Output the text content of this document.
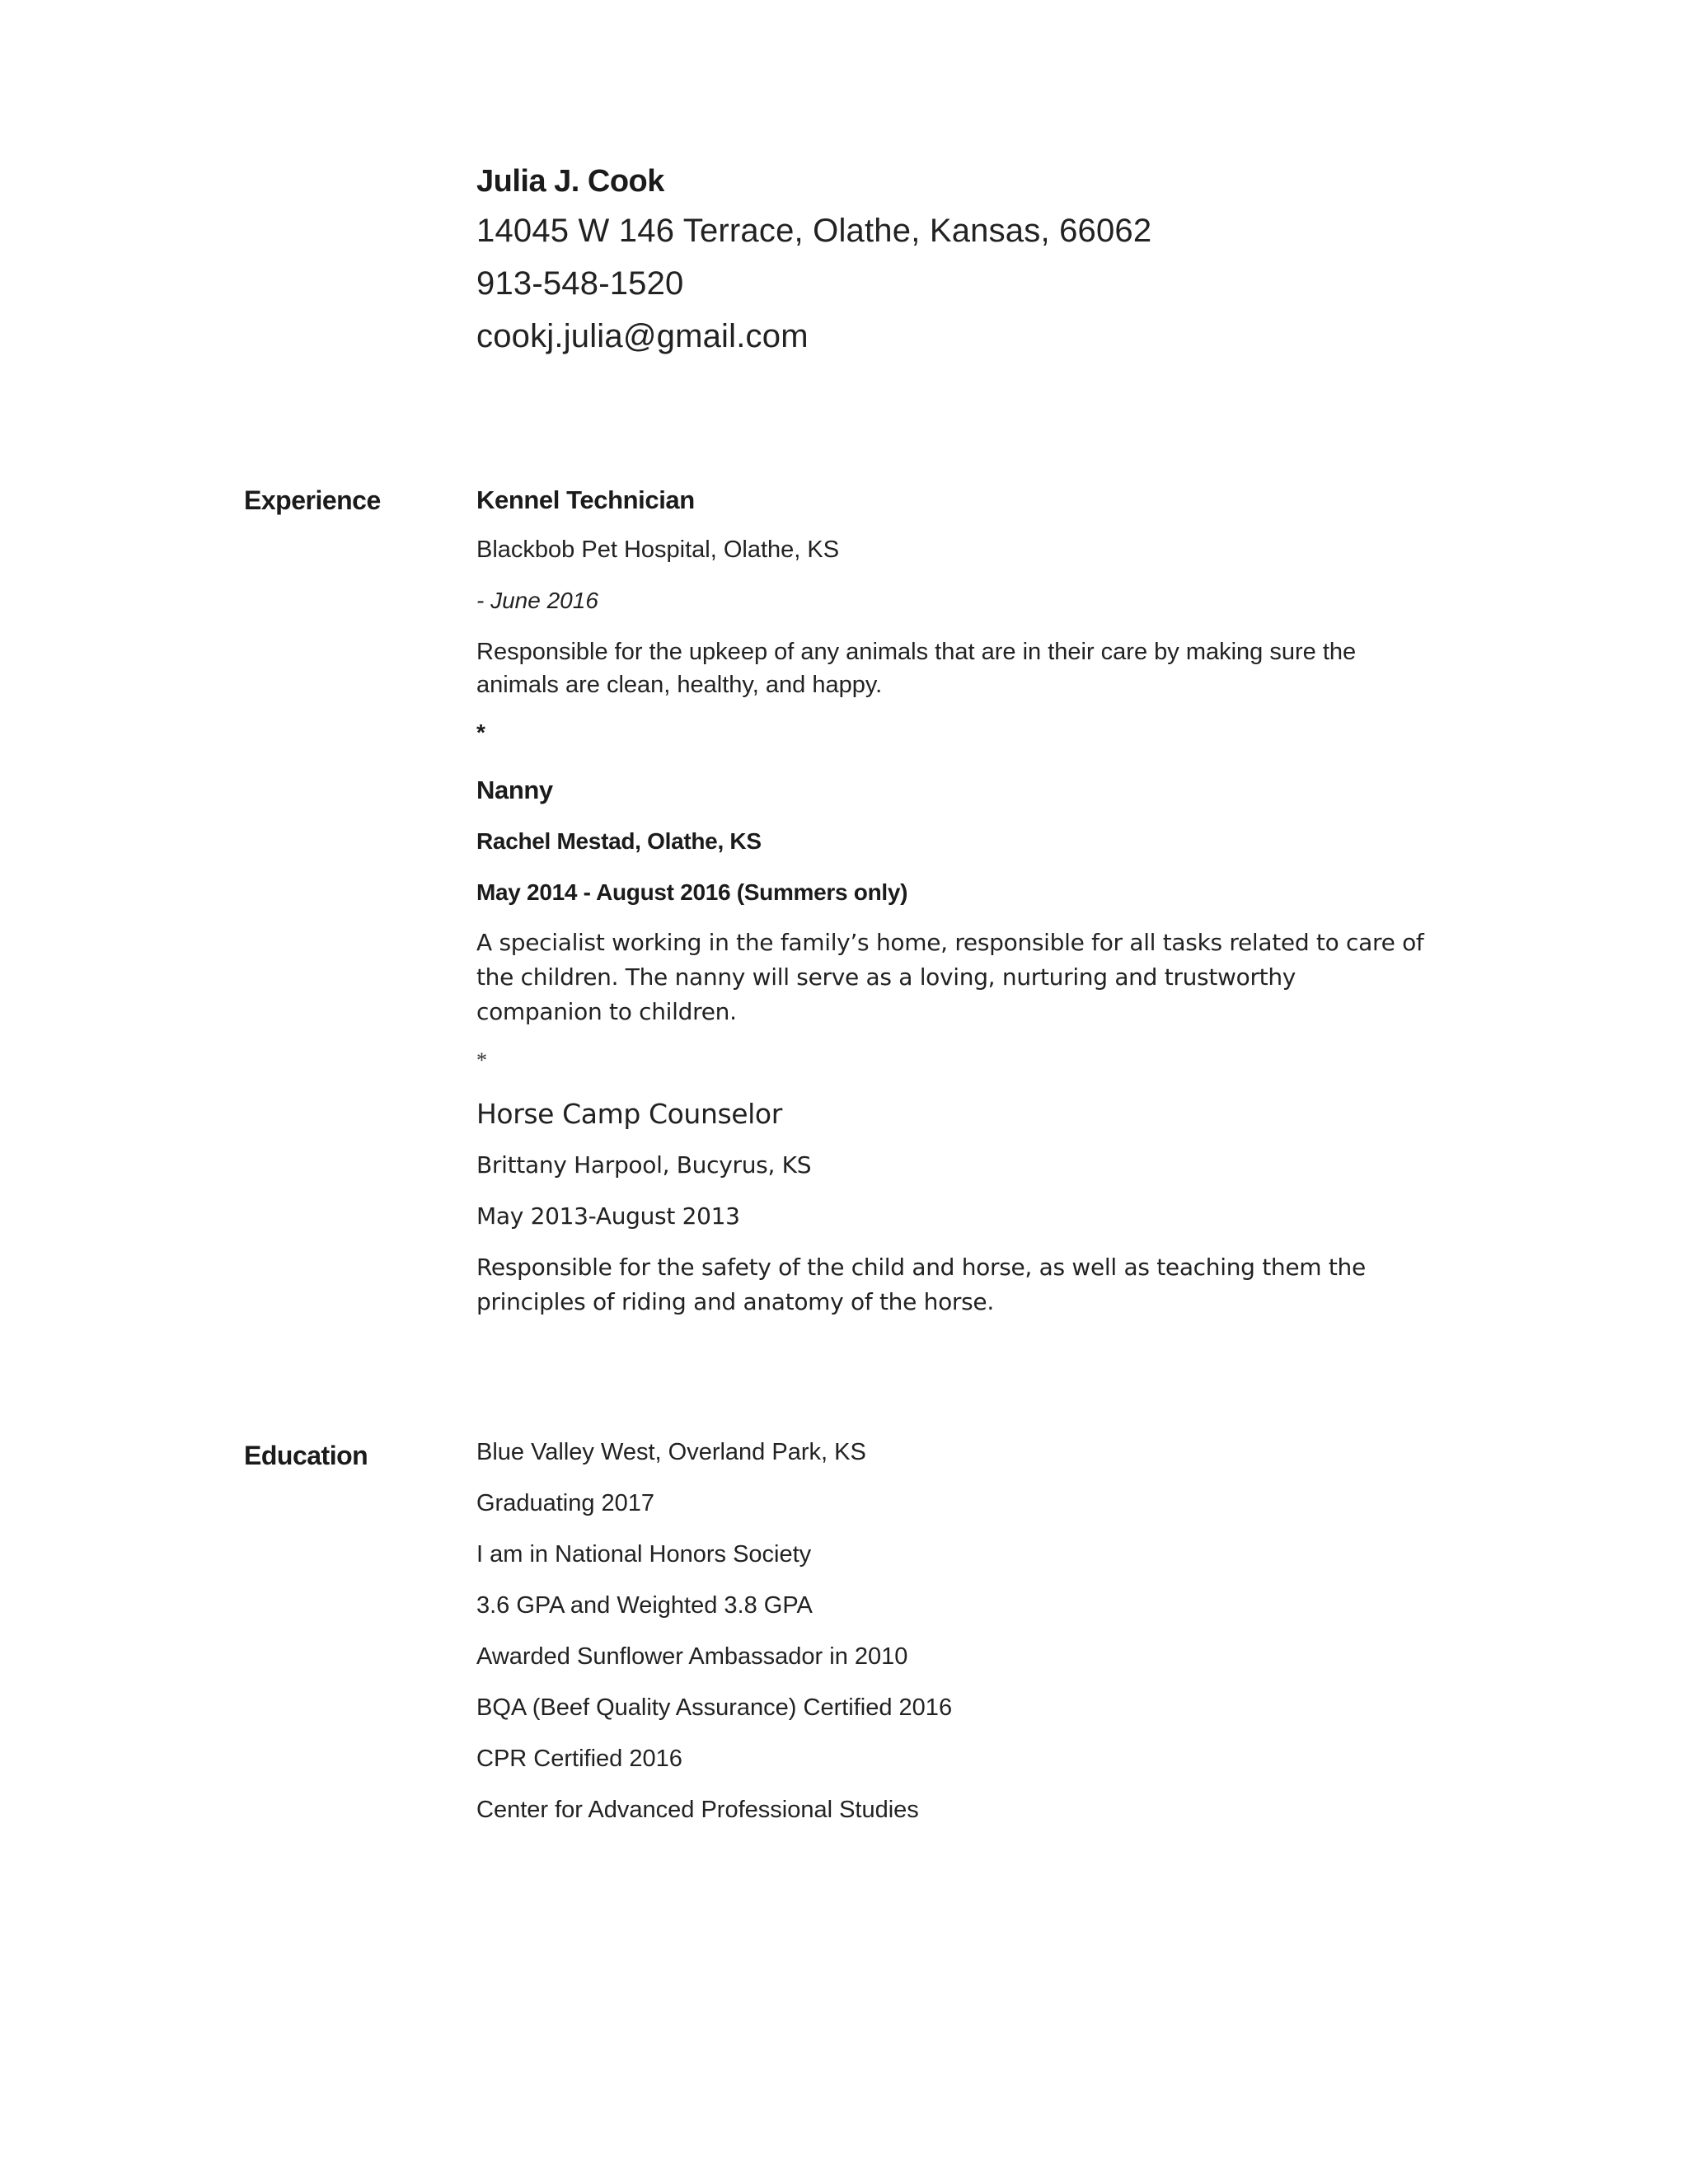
Julia J. Cook
14045 W 146 Terrace, Olathe, Kansas, 66062
913-548-1520
cookj.julia@gmail.com
Experience
Education
Kennel Technician
Blackbob Pet Hospital, Olathe, KS
- June 2016
Responsible for the upkeep of any animals that are in their care by making sure the animals are clean, healthy, and happy.
*
Nanny
Rachel Mestad, Olathe, KS
May 2014 - August 2016 (Summers only)
A specialist working in the family’s home, responsible for all tasks related to care of the children. The nanny will serve as a loving, nurturing and trustworthy companion to children.
*
Horse Camp Counselor
Brittany Harpool, Bucyrus, KS
May 2013-August 2013
Responsible for the safety of the child and horse, as well as teaching them the principles of riding and anatomy of the horse.
Blue Valley West, Overland Park, KS
Graduating 2017
I am in National Honors Society
3.6 GPA and Weighted 3.8 GPA
Awarded Sunflower Ambassador in 2010
BQA (Beef Quality Assurance) Certified 2016
CPR Certified 2016
Center for Advanced Professional Studies
